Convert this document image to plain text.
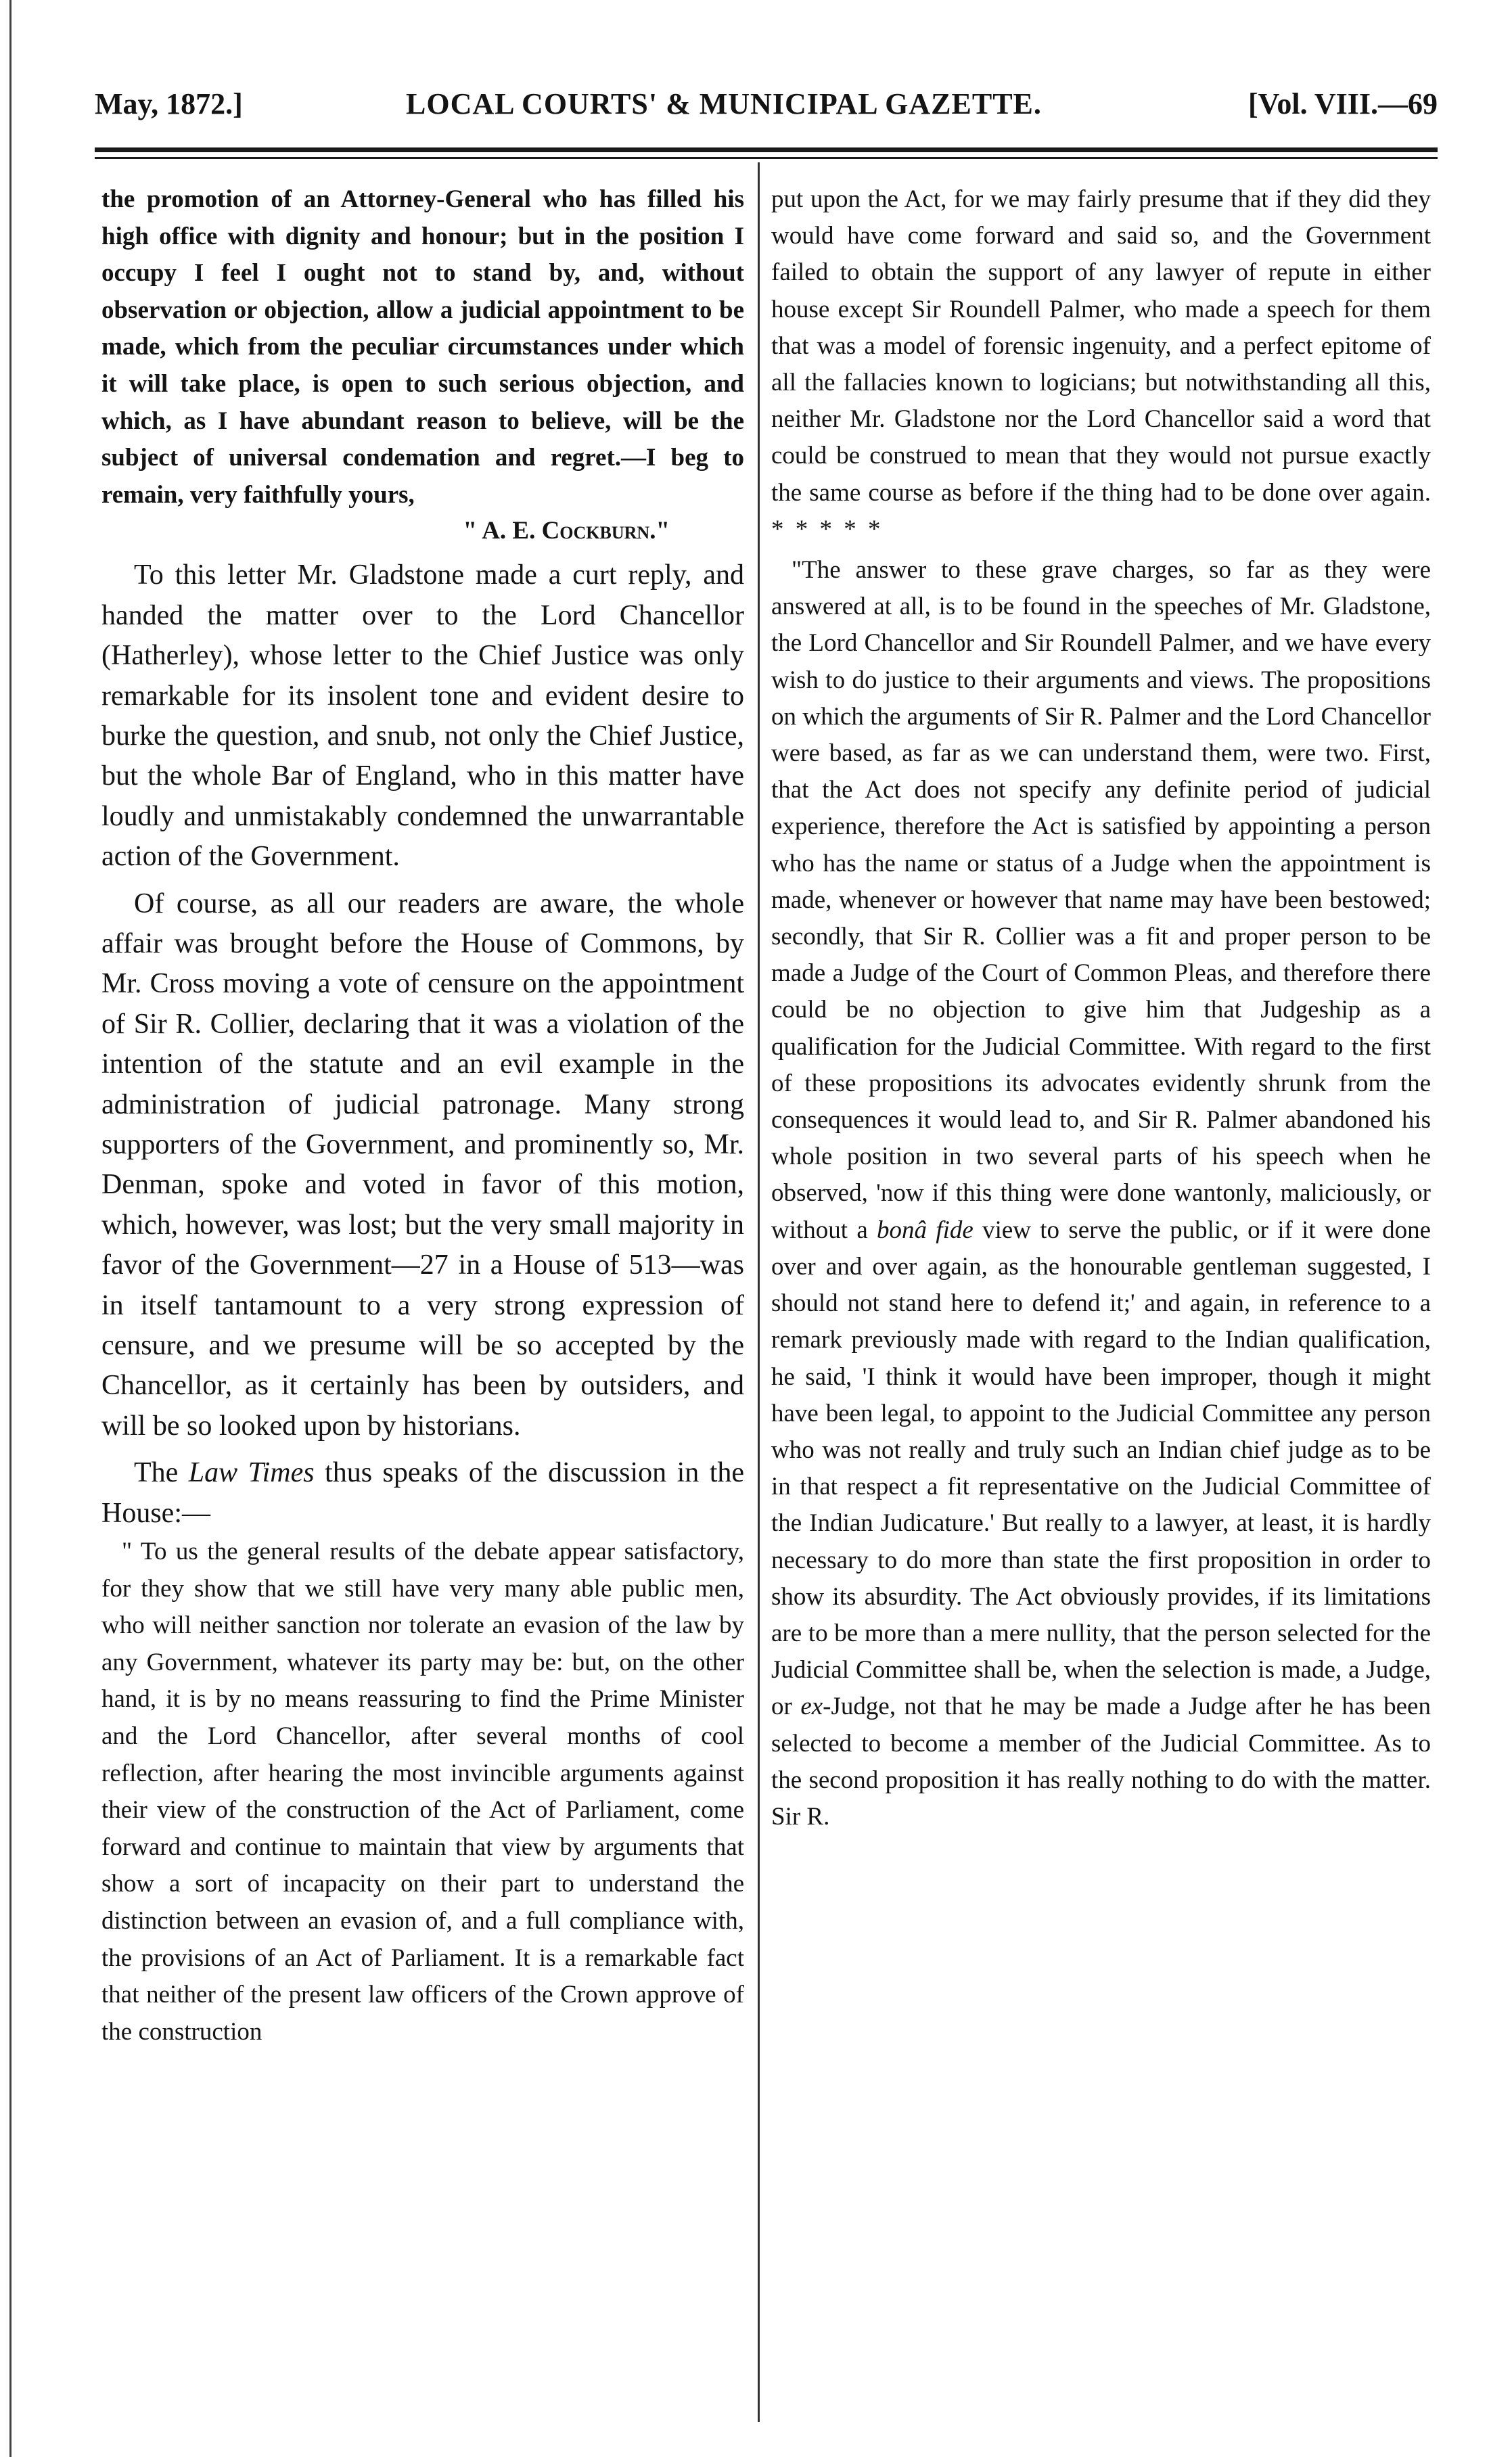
May, 1872.]	LOCAL COURTS' & MUNICIPAL GAZETTE.	[Vol. VIII.—69

the promotion of an Attorney-General who has filled his high office with dignity and honour; but in the position I occupy I feel I ought not to stand by, and, without observation or objection, allow a judicial appointment to be made, which from the peculiar circumstances under which it will take place, is open to such serious objection, and which, as I have abundant reason to believe, will be the subject of universal condemation and regret.—I beg to remain, very faithfully yours,

" A. E. Cockburn."

To this letter Mr. Gladstone made a curt reply, and handed the matter over to the Lord Chancellor (Hatherley), whose letter to the Chief Justice was only remarkable for its insolent tone and evident desire to burke the question, and snub, not only the Chief Justice, but the whole Bar of England, who in this matter have loudly and unmistakably condemned the unwarrantable action of the Government.

Of course, as all our readers are aware, the whole affair was brought before the House of Commons, by Mr. Cross moving a vote of censure on the appointment of Sir R. Collier, declaring that it was a violation of the intention of the statute and an evil example in the administration of judicial patronage. Many strong supporters of the Government, and prominently so, Mr. Denman, spoke and voted in favor of this motion, which, however, was lost; but the very small majority in favor of the Government—27 in a House of 513—was in itself tantamount to a very strong expression of censure, and we presume will be so accepted by the Chancellor, as it certainly has been by outsiders, and will be so looked upon by historians.

The Law Times thus speaks of the discussion in the House:—

" To us the general results of the debate appear satisfactory, for they show that we still have very many able public men, who will neither sanction nor tolerate an evasion of the law by any Government, whatever its party may be: but, on the other hand, it is by no means reassuring to find the Prime Minister and the Lord Chancellor, after several months of cool reflection, after hearing the most invincible arguments against their view of the construction of the Act of Parliament, come forward and continue to maintain that view by arguments that show a sort of incapacity on their part to understand the distinction between an evasion of, and a full compliance with, the provisions of an Act of Parliament. It is a remarkable fact that neither of the present law officers of the Crown approve of the construction

put upon the Act, for we may fairly presume that if they did they would have come forward and said so, and the Government failed to obtain the support of any lawyer of repute in either house except Sir Roundell Palmer, who made a speech for them that was a model of forensic ingenuity, and a perfect epitome of all the fallacies known to logicians; but notwithstanding all this, neither Mr. Gladstone nor the Lord Chancellor said a word that could be construed to mean that they would not pursue exactly the same course as before if the thing had to be done over again. * * * * *

"The answer to these grave charges, so far as they were answered at all, is to be found in the speeches of Mr. Gladstone, the Lord Chancellor and Sir Roundell Palmer, and we have every wish to do justice to their arguments and views. The propositions on which the arguments of Sir R. Palmer and the Lord Chancellor were based, as far as we can understand them, were two. First, that the Act does not specify any definite period of judicial experience, therefore the Act is satisfied by appointing a person who has the name or status of a Judge when the appointment is made, whenever or however that name may have been bestowed; secondly, that Sir R. Collier was a fit and proper person to be made a Judge of the Court of Common Pleas, and therefore there could be no objection to give him that Judgeship as a qualification for the Judicial Committee. With regard to the first of these propositions its advocates evidently shrunk from the consequences it would lead to, and Sir R. Palmer abandoned his whole position in two several parts of his speech when he observed, 'now if this thing were done wantonly, maliciously, or without a bonâ fide view to serve the public, or if it were done over and over again, as the honourable gentleman suggested, I should not stand here to defend it;' and again, in reference to a remark previously made with regard to the Indian qualification, he said, 'I think it would have been improper, though it might have been legal, to appoint to the Judicial Committee any person who was not really and truly such an Indian chief judge as to be in that respect a fit representative on the Judicial Committee of the Indian Judicature.' But really to a lawyer, at least, it is hardly necessary to do more than state the first proposition in order to show its absurdity. The Act obviously provides, if its limitations are to be more than a mere nullity, that the person selected for the Judicial Committee shall be, when the selection is made, a Judge, or ex-Judge, not that he may be made a Judge after he has been selected to become a member of the Judicial Committee. As to the second proposition it has really nothing to do with the matter. Sir R.
